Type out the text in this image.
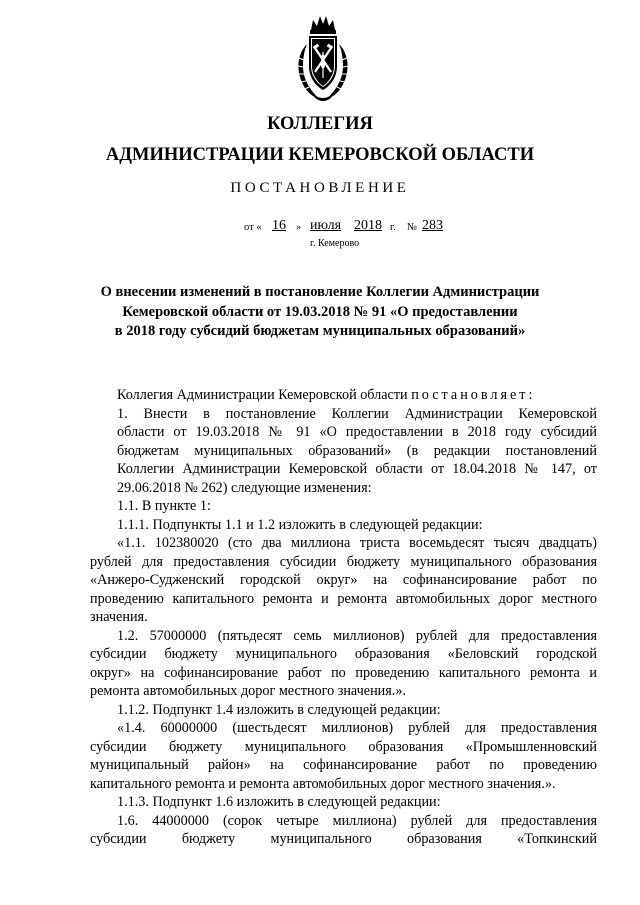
КОЛЛЕГИЯ
АДМИНИСТРАЦИИ КЕМЕРОВСКОЙ ОБЛАСТИ
ПОСТАНОВЛЕНИЕ
от « 16 » июля 2018 г. № 283
г. Кемерово
О внесении изменений в постановление Коллегии Администрации
Кемеровской области от 19.03.2018 № 91 «О предоставлении
в 2018 году субсидий бюджетам муниципальных образований»
Коллегия Администрации Кемеровской области постановляет:
1. Внести в постановление Коллегии Администрации Кемеровской
области от 19.03.2018 № 91 «О предоставлении в 2018 году субсидий
бюджетам муниципальных образований» (в редакции постановлений
Коллегии Администрации Кемеровской области от 18.04.2018 № 147, от
29.06.2018 № 262) следующие изменения:
1.1. В пункте 1:
1.1.1. Подпункты 1.1 и 1.2 изложить в следующей редакции:
«1.1. 102380020 (сто два миллиона триста восемьдесят тысяч двадцать)
рублей для предоставления субсидии бюджету муниципального образования
«Анжеро-Судженский городской округ» на софинансирование работ по
проведению капитального ремонта и ремонта автомобильных дорог местного
значения.
1.2. 57000000 (пятьдесят семь миллионов) рублей для предоставления
субсидии бюджету муниципального образования «Беловский городской
округ» на софинансирование работ по проведению капитального ремонта и
ремонта автомобильных дорог местного значения.».
1.1.2. Подпункт 1.4 изложить в следующей редакции:
«1.4. 60000000 (шестьдесят миллионов) рублей для предоставления
субсидии бюджету муниципального образования «Промышленновский
муниципальный район» на софинансирование работ по проведению
капитального ремонта и ремонта автомобильных дорог местного значения.».
1.1.3. Подпункт 1.6 изложить в следующей редакции:
1.6. 44000000 (сорок четыре миллиона) рублей для предоставления
субсидии бюджету муниципального образования «Топкинский
